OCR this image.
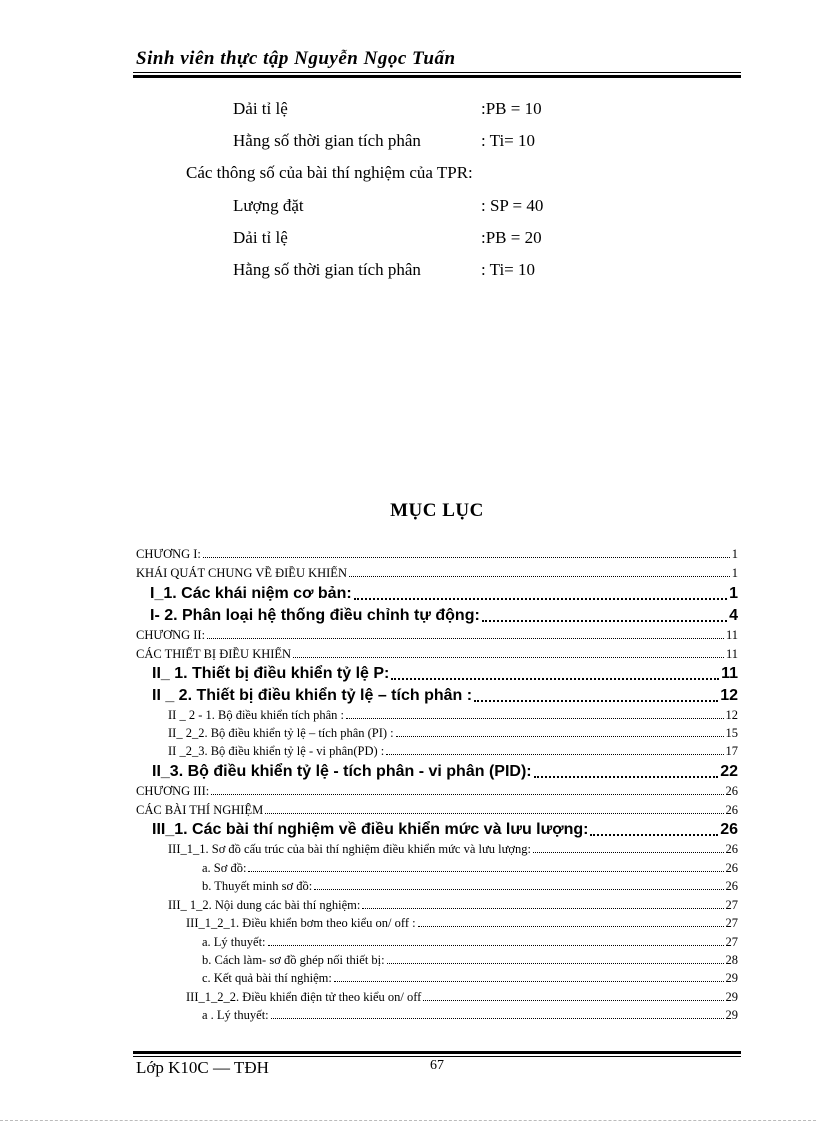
Sinh viên thực tập Nguyễn Ngọc Tuấn
Dải tỉ lệ	:PB = 10
Hằng số thời gian tích phân	: Ti= 10
Các thông số của bài thí nghiệm của TPR:
Lượng đặt	: SP = 40
Dải tỉ lệ	:PB = 20
Hằng số thời gian tích phân	: Ti= 10
MỤC LỤC
CHƯƠNG I:	1
KHÁI QUÁT CHUNG VỀ ĐIỀU KHIỂN	1
I_1. Các khái niệm cơ bản:	1
I- 2. Phân loại hệ thống điều chỉnh tự động:	4
CHƯƠNG II:	11
CÁC THIẾT BỊ ĐIỀU KHIỂN	11
II_ 1. Thiết bị điều khiển tỷ lệ P:	11
II _ 2. Thiết bị điều khiển tỷ lệ – tích phân :	12
II _ 2 - 1. Bộ điều khiển tích phân :	12
II_ 2_2. Bộ điều khiển tỷ lệ – tích phân (PI) :	15
II _2_3. Bộ điều khiển tỷ lệ - vi phân(PD) :	17
II_3. Bộ điều khiển tỷ lệ - tích phân - vi phân (PID):	22
CHƯƠNG III:	26
CÁC BÀI THÍ NGHIỆM	26
III_1. Các bài thí nghiệm về điều khiển mức và lưu lượng:	26
III_1_1. Sơ đồ cấu trúc của bài thí nghiệm điều khiển mức và lưu lượng:	26
a. Sơ đồ:	26
b. Thuyết minh sơ đồ:	26
III_ 1_2. Nội dung các bài thí nghiệm:	27
III_1_2_1. Điều khiển bơm theo kiểu on/ off :	27
a. Lý thuyết:	27
b. Cách làm- sơ đồ ghép nối thiết bị:	28
c. Kết quả bài thí nghiệm:	29
III_1_2_2. Điều khiển điện tử theo kiểu on/ off	29
a . Lý thuyết:	29
Lớp K10C — TĐH	67
